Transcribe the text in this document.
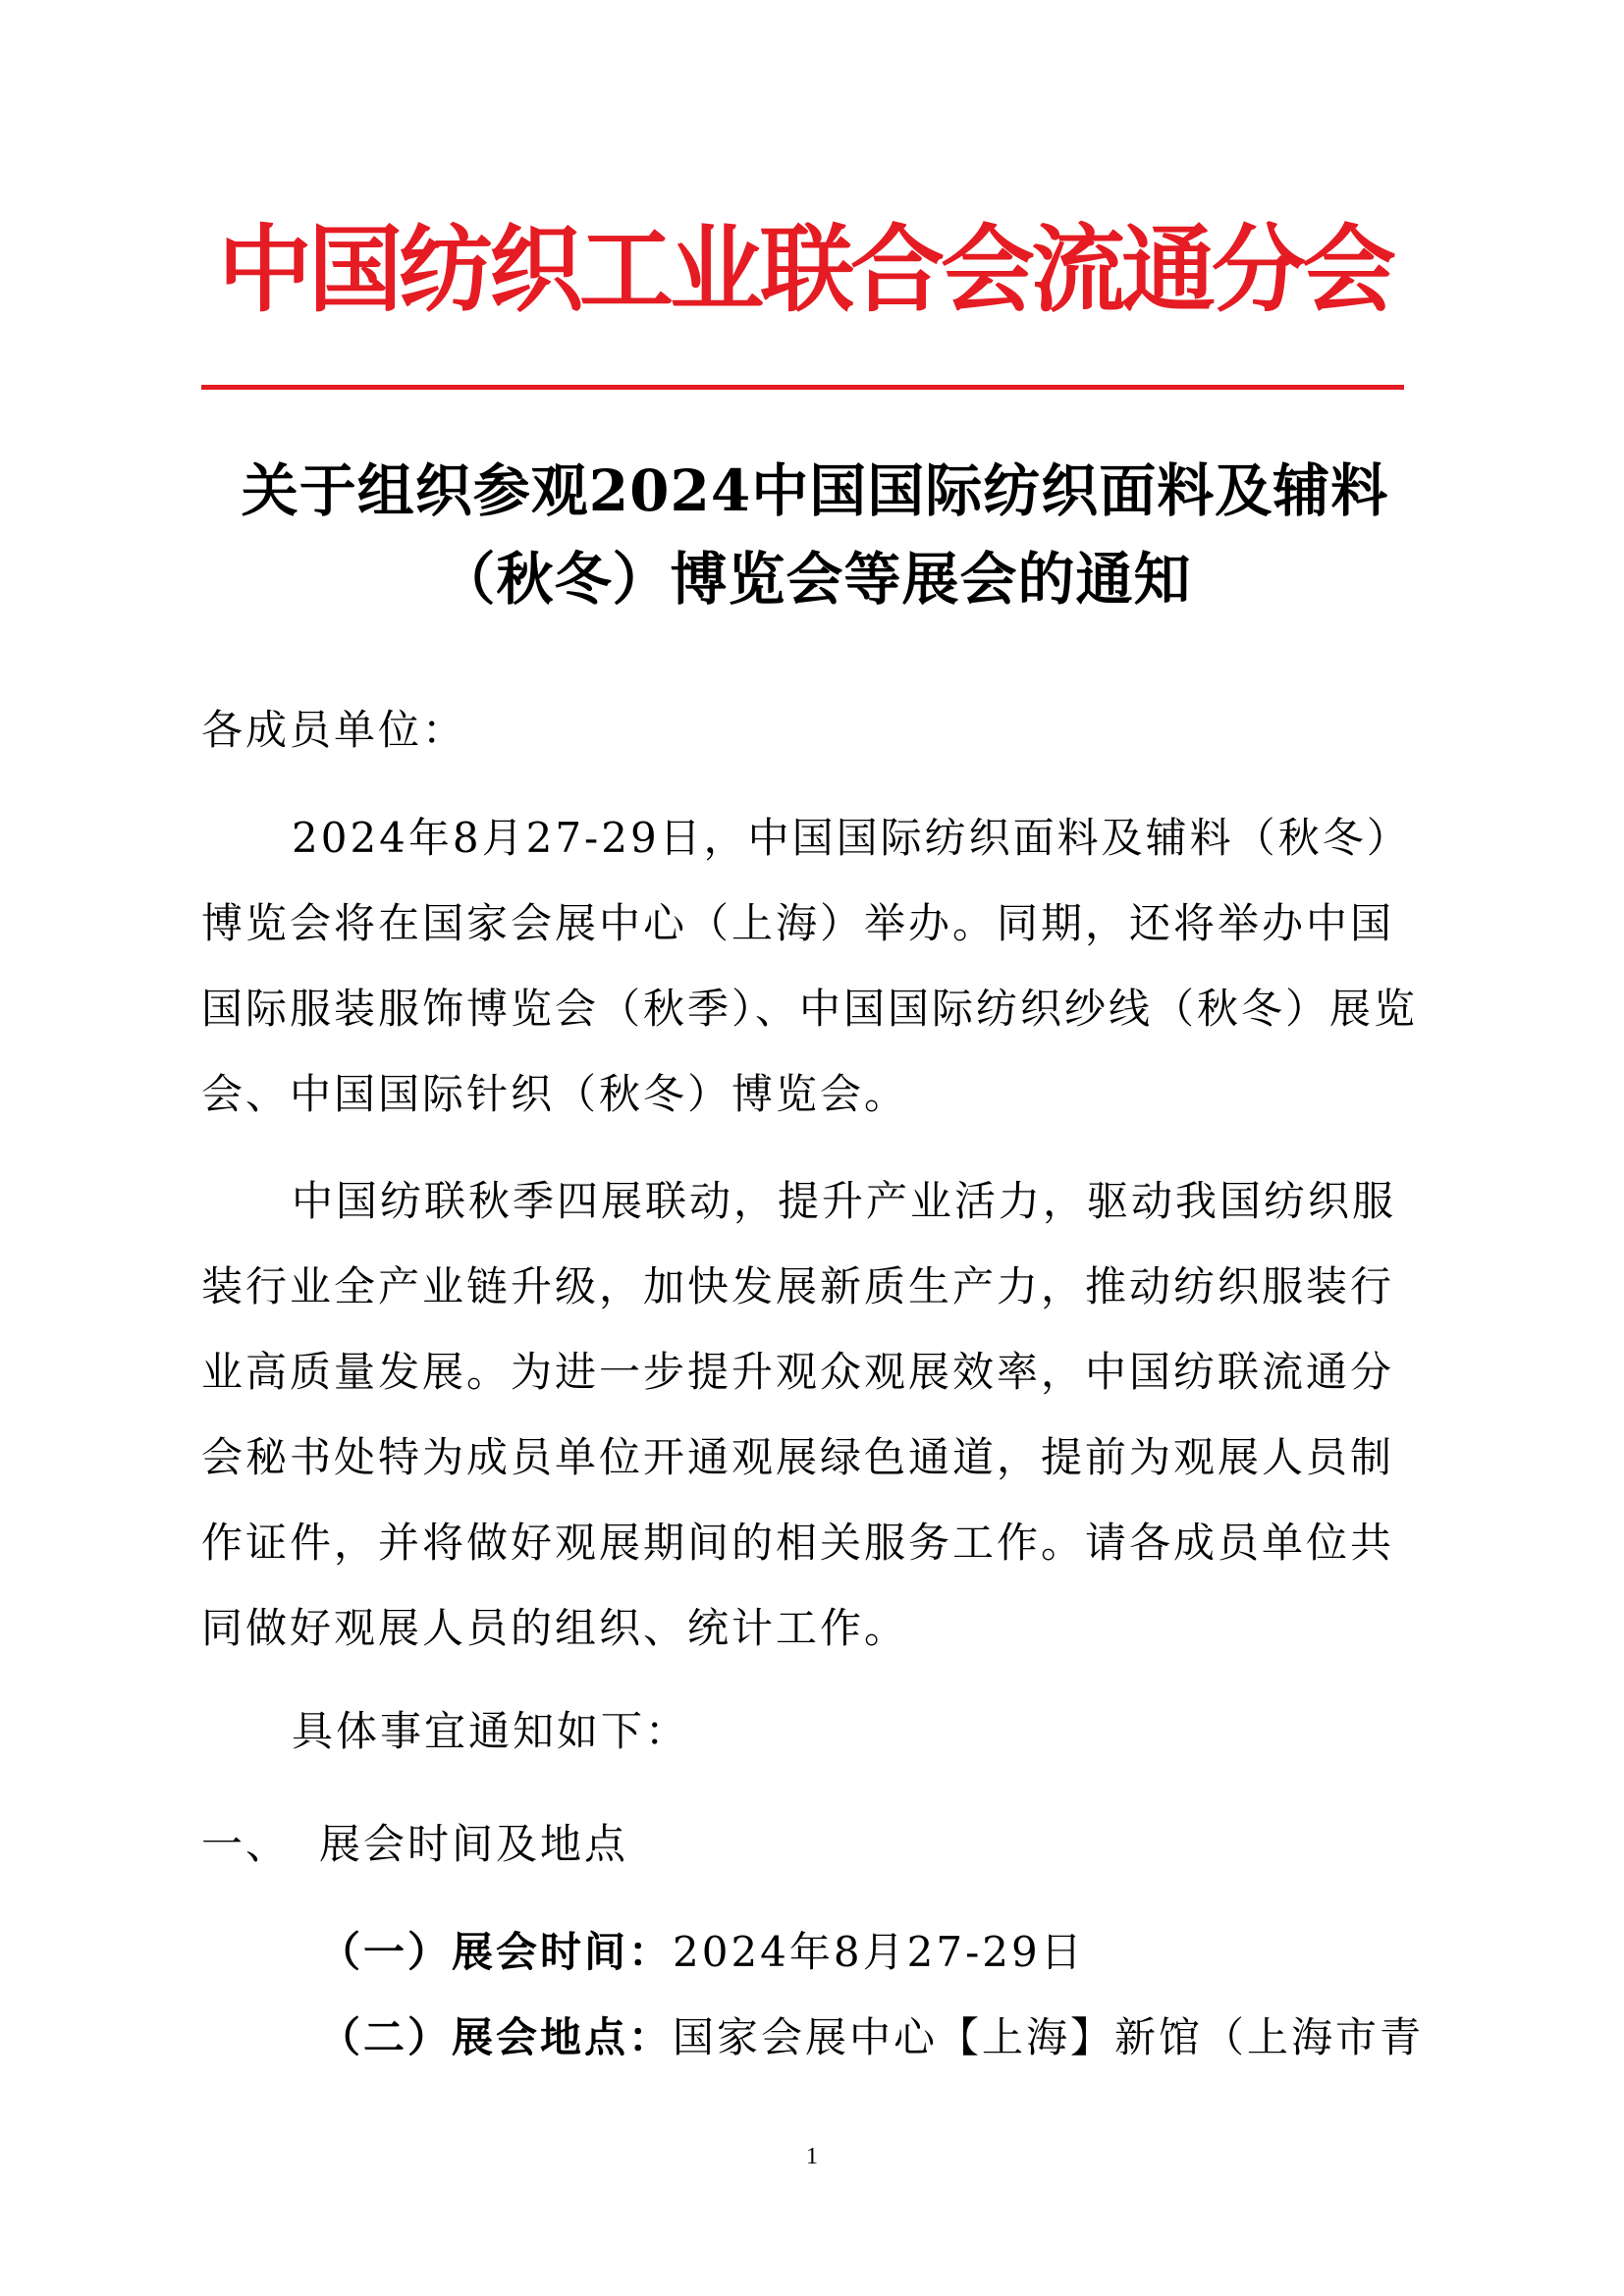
中国纺织工业联合会流通分会
关于组织参观2024中国国际纺织面料及辅料
（秋冬）博览会等展会的通知

各成员单位：

2024年8月27-29日，中国国际纺织面料及辅料（秋冬）博览会将在国家会展中心（上海）举办。同期，还将举办中国国际服装服饰博览会（秋季）、中国国际纺织纱线（秋冬）展览会、中国国际针织（秋冬）博览会。

中国纺联秋季四展联动，提升产业活力，驱动我国纺织服装行业全产业链升级，加快发展新质生产力，推动纺织服装行业高质量发展。为进一步提升观众观展效率，中国纺联流通分会秘书处特为成员单位开通观展绿色通道，提前为观展人员制作证件，并将做好观展期间的相关服务工作。请各成员单位共同做好观展人员的组织、统计工作。

具体事宜通知如下：

一、 展会时间及地点
（一）展会时间：2024年8月27-29日
（二）展会地点：国家会展中心【上海】新馆（上海市青
1
